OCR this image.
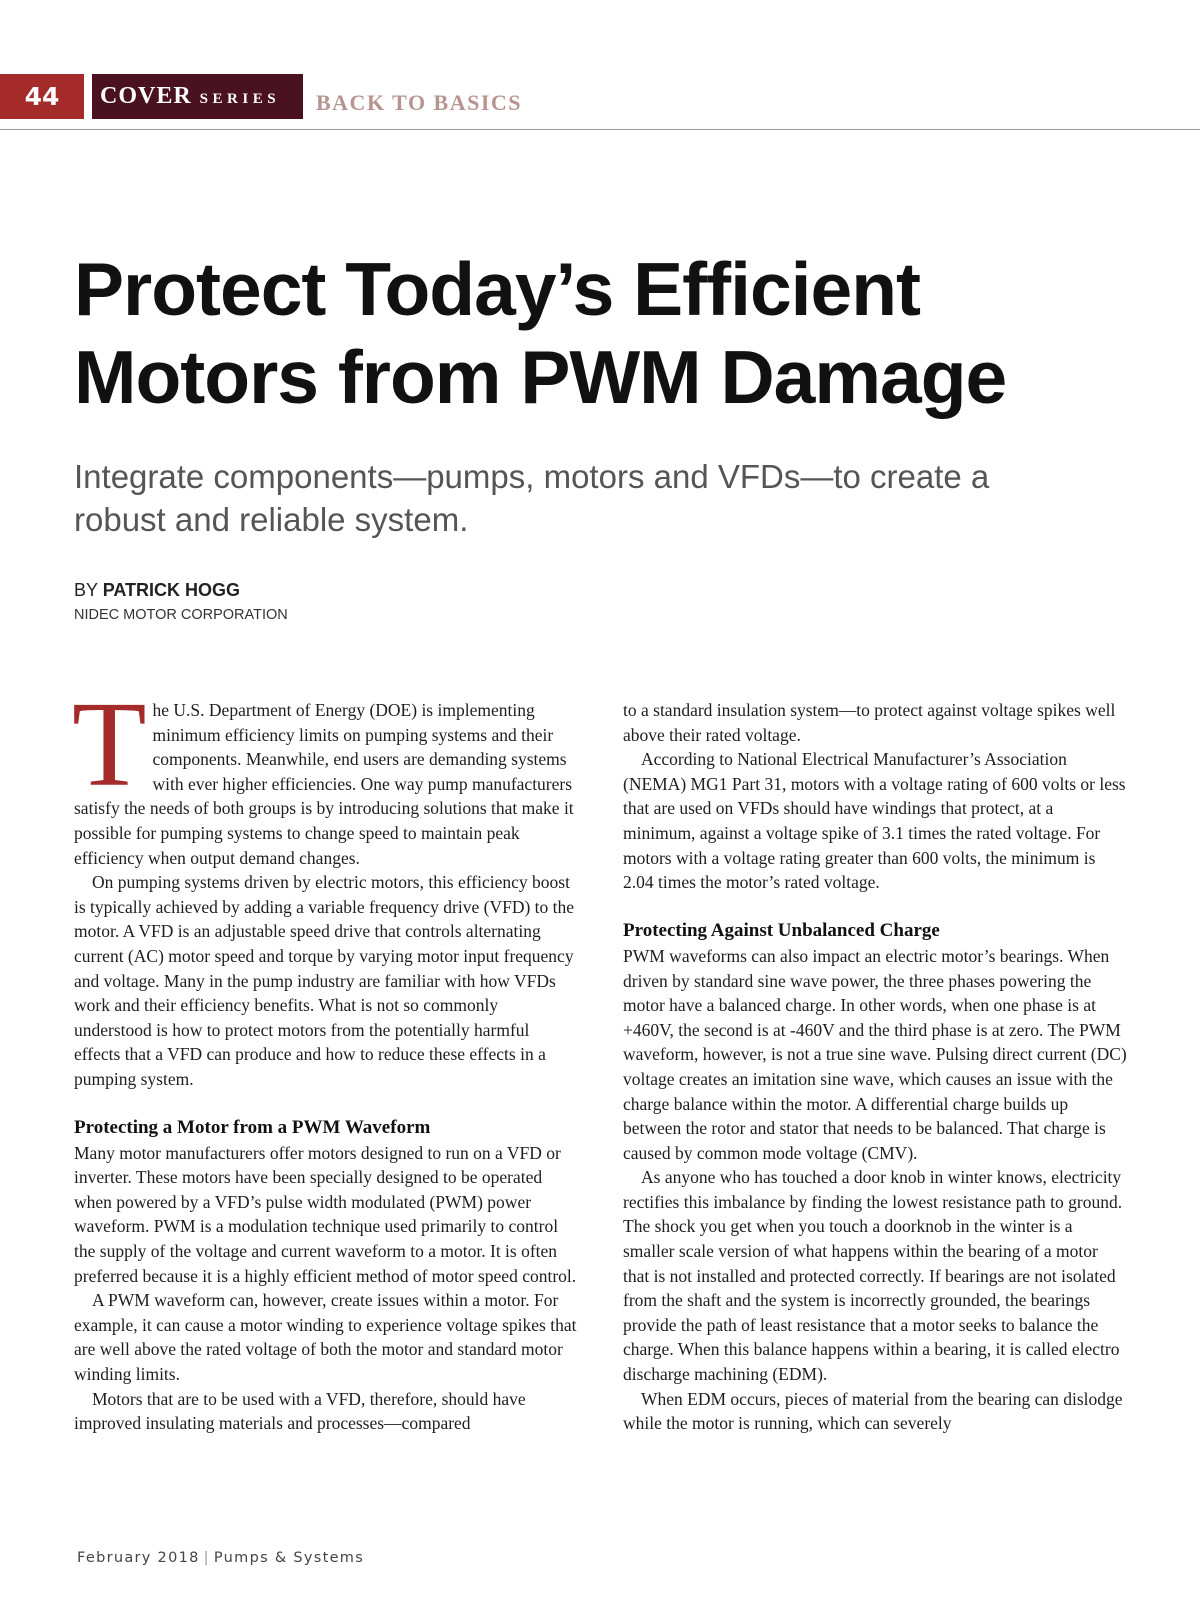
44	COVER SERIES	BACK TO BASICS
Protect Today’s Efficient
Motors from PWM Damage
Integrate components—pumps, motors and VFDs—to create a
robust and reliable system.
BY PATRICK HOGG
NIDEC MOTOR CORPORATION
T he U.S. Department of Energy (DOE) is implementing minimum efficiency limits on pumping systems and their components. Meanwhile, end users are demanding systems with ever higher efficiencies. One way pump manufacturers satisfy the needs of both groups is by introducing solutions that make it possible for pumping systems to change speed to maintain peak efficiency when output demand changes.

On pumping systems driven by electric motors, this efficiency boost is typically achieved by adding a variable frequency drive (VFD) to the motor. A VFD is an adjustable speed drive that controls alternating current (AC) motor speed and torque by varying motor input frequency and voltage. Many in the pump industry are familiar with how VFDs work and their efficiency benefits. What is not so commonly understood is how to protect motors from the potentially harmful effects that a VFD can produce and how to reduce these effects in a pumping system.

Protecting a Motor from a PWM Waveform

Many motor manufacturers offer motors designed to run on a VFD or inverter. These motors have been specially designed to be operated when powered by a VFD’s pulse width modulated (PWM) power waveform. PWM is a modulation technique used primarily to control the supply of the voltage and current waveform to a motor. It is often preferred because it is a highly efficient method of motor speed control.

A PWM waveform can, however, create issues within a motor. For example, it can cause a motor winding to experience voltage spikes that are well above the rated voltage of both the motor and standard motor winding limits.

Motors that are to be used with a VFD, therefore, should have improved insulating materials and processes—compared

to a standard insulation system—to protect against voltage spikes well above their rated voltage.

According to National Electrical Manufacturer’s Association (NEMA) MG1 Part 31, motors with a voltage rating of 600 volts or less that are used on VFDs should have windings that protect, at a minimum, against a voltage spike of 3.1 times the rated voltage. For motors with a voltage rating greater than 600 volts, the minimum is 2.04 times the motor’s rated voltage.

Protecting Against Unbalanced Charge

PWM waveforms can also impact an electric motor’s bearings. When driven by standard sine wave power, the three phases powering the motor have a balanced charge. In other words, when one phase is at +460V, the second is at -460V and the third phase is at zero. The PWM waveform, however, is not a true sine wave. Pulsing direct current (DC) voltage creates an imitation sine wave, which causes an issue with the charge balance within the motor. A differential charge builds up between the rotor and stator that needs to be balanced. That charge is caused by common mode voltage (CMV).

As anyone who has touched a door knob in winter knows, electricity rectifies this imbalance by finding the lowest resistance path to ground. The shock you get when you touch a doorknob in the winter is a smaller scale version of what happens within the bearing of a motor that is not installed and protected correctly. If bearings are not isolated from the shaft and the system is incorrectly grounded, the bearings provide the path of least resistance that a motor seeks to balance the charge. When this balance happens within a bearing, it is called electro discharge machining (EDM).

When EDM occurs, pieces of material from the bearing can dislodge while the motor is running, which can severely

February 2018 | Pumps & Systems
